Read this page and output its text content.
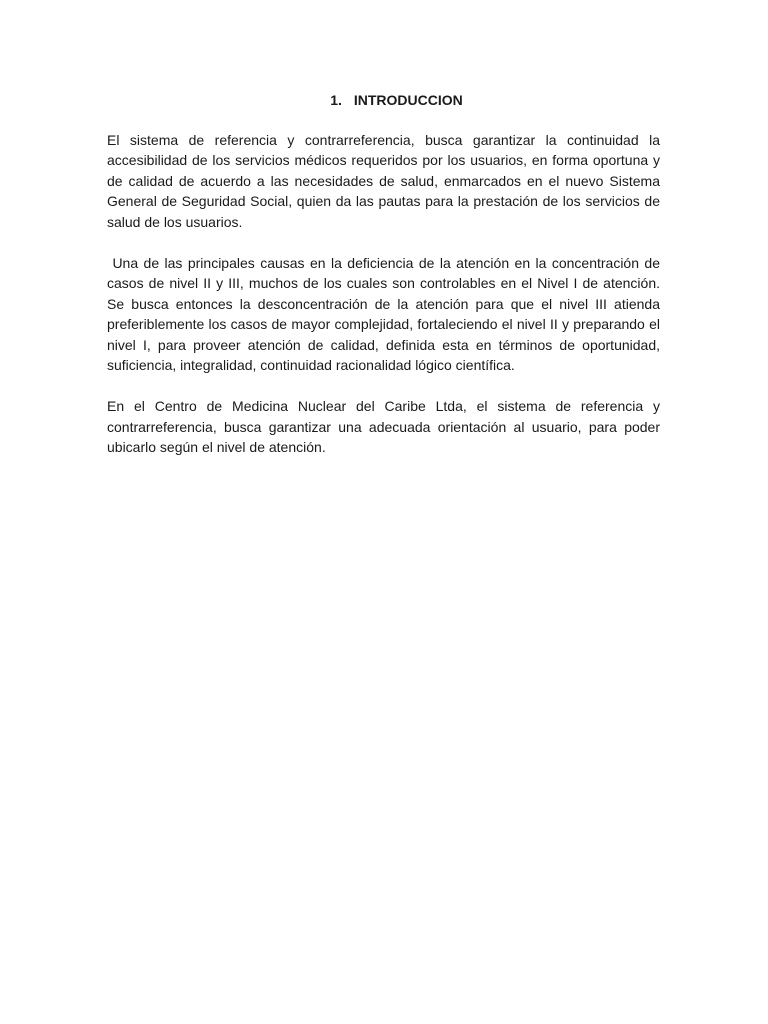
1. INTRODUCCION

El sistema de referencia y contrarreferencia, busca garantizar la continuidad la accesibilidad de los servicios médicos requeridos por los usuarios, en forma oportuna y de calidad de acuerdo a las necesidades de salud, enmarcados en el nuevo Sistema General de Seguridad Social, quien da las pautas para la prestación de los servicios de salud de los usuarios.

Una de las principales causas en la deficiencia de la atención en la concentración de casos de nivel II y III, muchos de los cuales son controlables en el Nivel I de atención. Se busca entonces la desconcentración de la atención para que el nivel III atienda preferiblemente los casos de mayor complejidad, fortaleciendo el nivel II y preparando el nivel I, para proveer atención de calidad, definida esta en términos de oportunidad, suficiencia, integralidad, continuidad racionalidad lógico científica.

En el Centro de Medicina Nuclear del Caribe Ltda, el sistema de referencia y contrarreferencia, busca garantizar una adecuada orientación al usuario, para poder ubicarlo según el nivel de atención.
